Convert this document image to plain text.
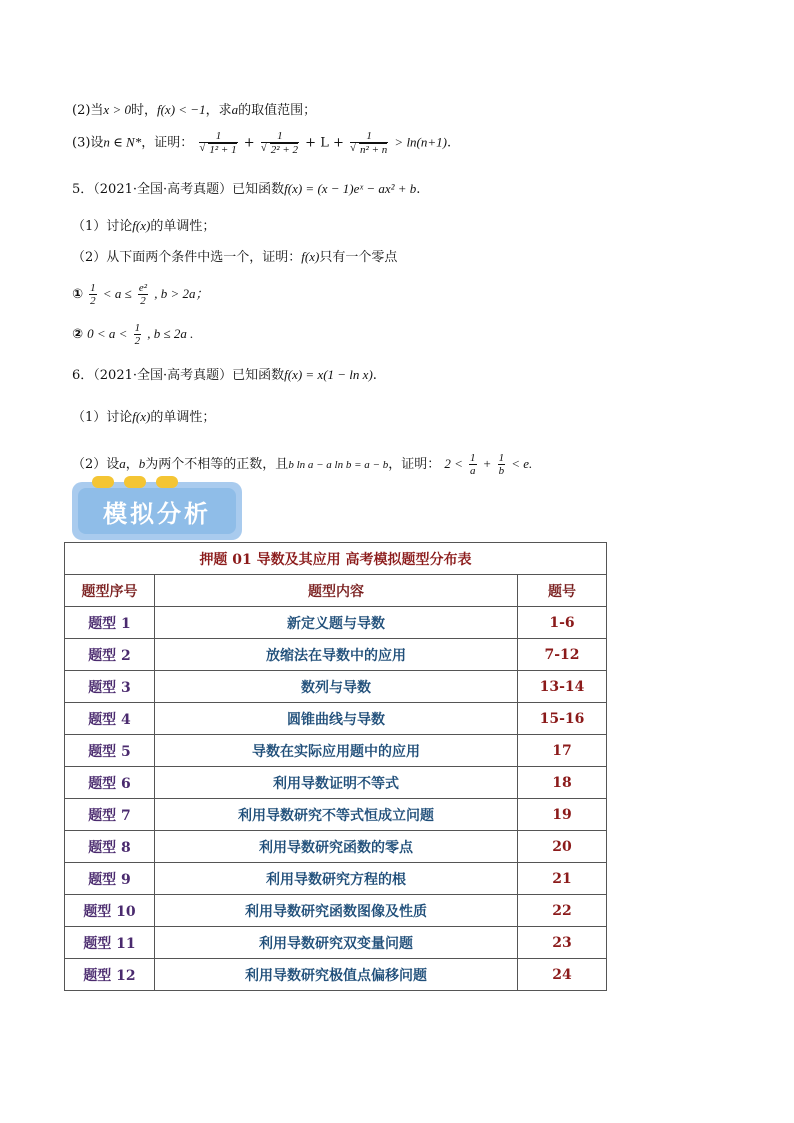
(2)当x > 0时，f(x) < −1，求a的取值范围；
(3)设n ∈ N*，证明： 1
√ 1² + 1 + 1
√ 2² + 2 + L + 1
√ n² + n > ln(n+1).
5．（2021·全国·高考真题）已知函数f(x) = (x − 1)eˣ − ax² + b.
（1）讨论f(x)的单调性；
（2）从下面两个条件中选一个，证明：f(x)只有一个零点
① $\frac{1}{2} < a \le \frac{\text{e²}}{2}$ , b > 2a；
② $0 < a < \frac{1}{2}$ , b ≤ 2a .
6．（2021·全国·高考真题）已知函数f(x) = x(1 − ln x).
（1）讨论f(x)的单调性；
（2）设a，b为两个不相等的正数，且b ln a − a ln b = a − b，证明： $2 < \frac{1}{a} + \frac{1}{b} < e$.
模拟分析
押题 01 导数及其应用 高考模拟题型分布表		
题型序号	题型内容	题号
题型 1	新定义题与导数	1-6
题型 2	放缩法在导数中的应用	7-12
题型 3	数列与导数	13-14
题型 4	圆锥曲线与导数	15-16
题型 5	导数在实际应用题中的应用	17
题型 6	利用导数证明不等式	18
题型 7	利用导数研究不等式恒成立问题	19
题型 8	利用导数研究函数的零点	20
题型 9	利用导数研究方程的根	21
题型 10	利用导数研究函数图像及性质	22
题型 11	利用导数研究双变量问题	23
题型 12	利用导数研究极值点偏移问题	24
